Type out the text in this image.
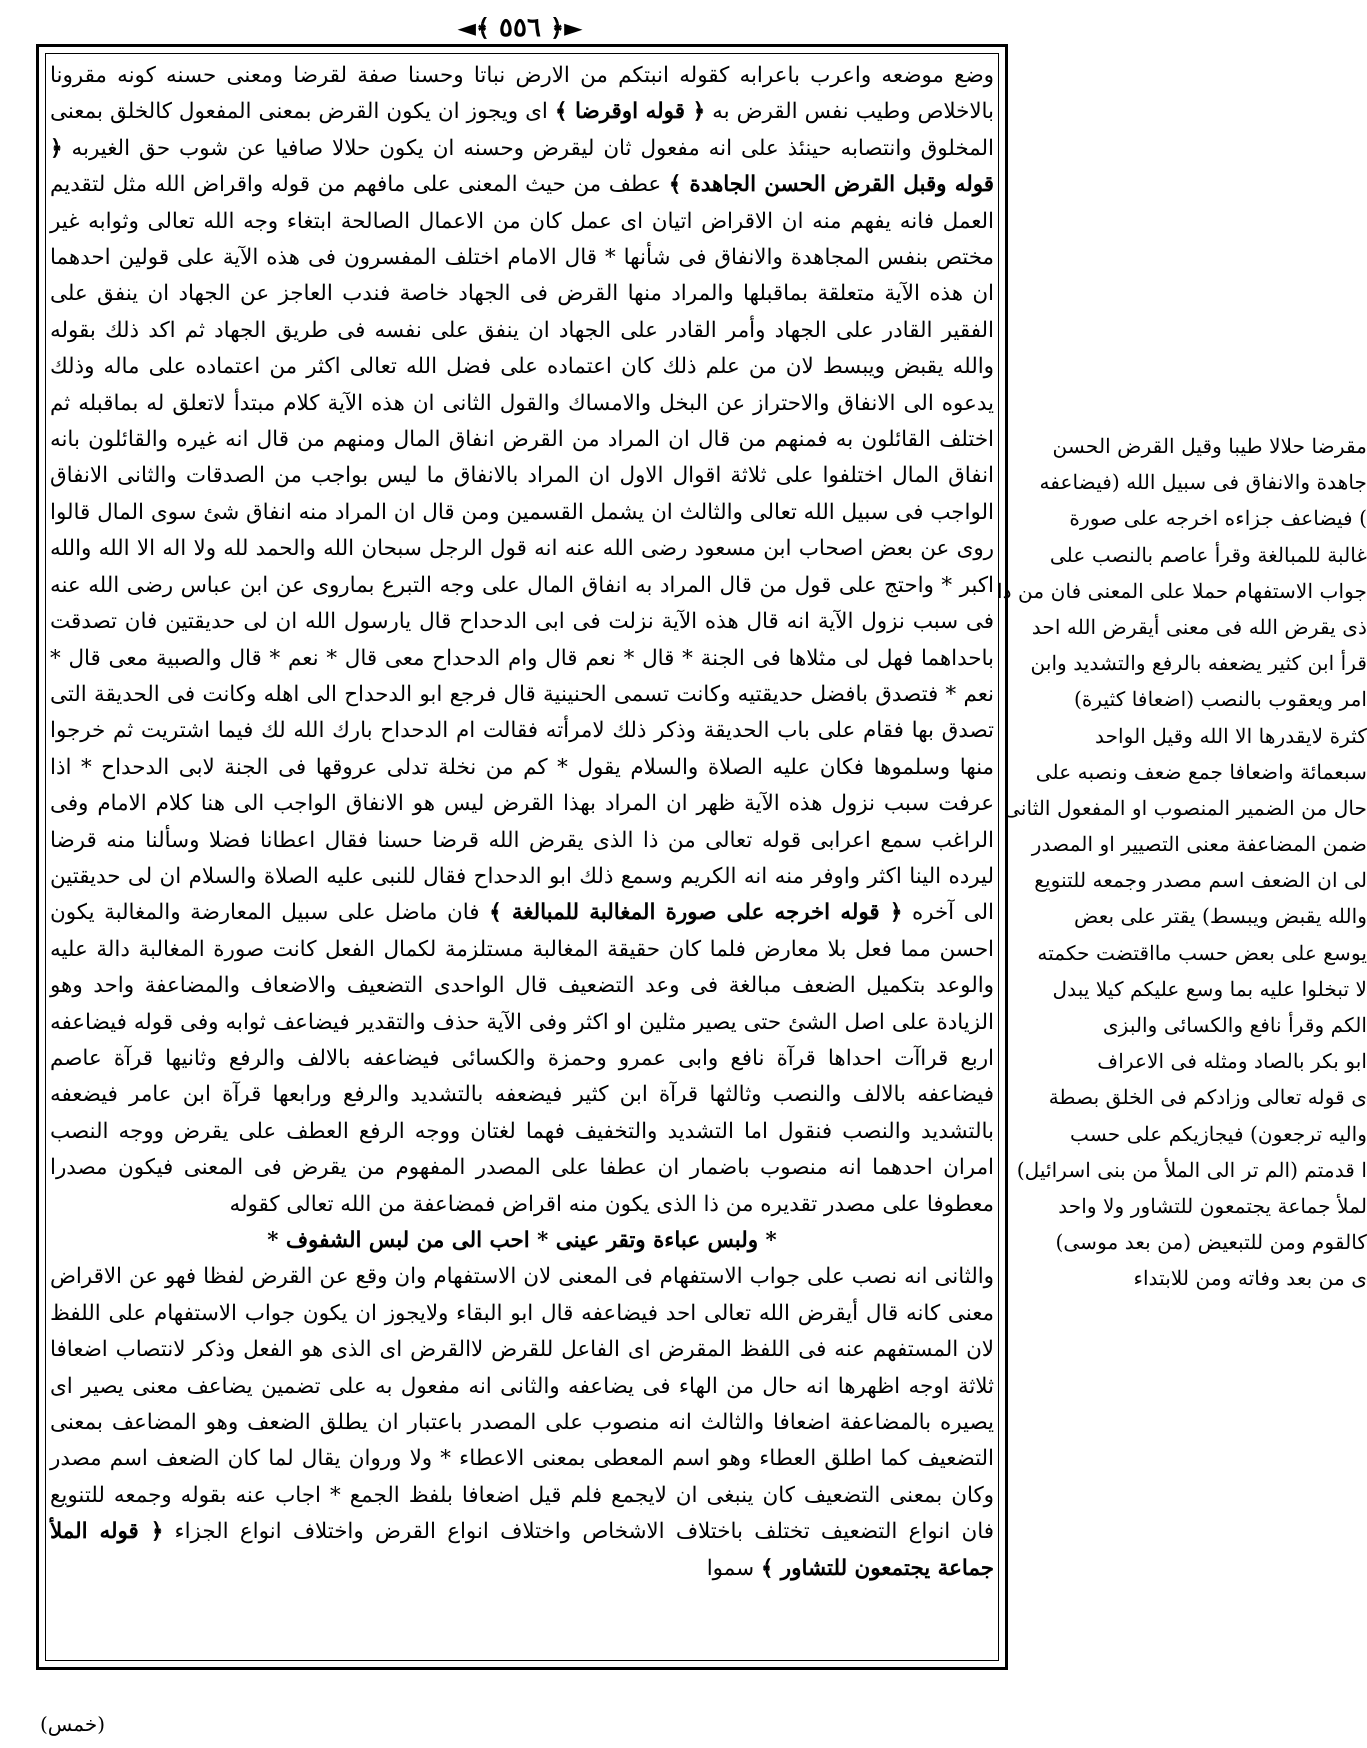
◄﴾ ٥٥٦ ﴿►

وضع موضعه واعرب باعرابه كقوله انبتكم من الارض نباتا وحسنا صفة لقرضا ومعنى حسنه كونه مقرونا بالاخلاص وطيب نفس القرض به ﴿ قوله اوقرضا ﴾ اى ويجوز ان يكون القرض بمعنى المفعول كالخلق بمعنى المخلوق وانتصابه حينئذ على انه مفعول ثان ليقرض وحسنه ان يكون حلالا صافيا عن شوب حق الغيربه ﴿ قوله وقبل القرض الحسن الجاهدة ﴾ عطف من حيث المعنى على مافهم من قوله واقراض الله مثل لتقديم العمل فانه يفهم منه ان الاقراض اتيان اى عمل كان من الاعمال الصالحة ابتغاء وجه الله تعالى وثوابه غير مختص بنفس المجاهدة والانفاق فى شأنها * قال الامام اختلف المفسرون فى هذه الآية على قولين احدهما ان هذه الآية متعلقة بماقبلها والمراد منها القرض فى الجهاد خاصة فندب العاجز عن الجهاد ان ينفق على الفقير القادر على الجهاد وأمر القادر على الجهاد ان ينفق على نفسه فى طريق الجهاد ثم اكد ذلك بقوله والله يقبض ويبسط لان من علم ذلك كان اعتماده على فضل الله تعالى اكثر من اعتماده على ماله وذلك يدعوه الى الانفاق والاحتراز عن البخل والامساك والقول الثانى ان هذه الآية كلام مبتدأ لاتعلق له بماقبله ثم اختلف القائلون به فمنهم من قال ان المراد من القرض انفاق المال ومنهم من قال انه غيره والقائلون بانه انفاق المال اختلفوا على ثلاثة اقوال الاول ان المراد بالانفاق ما ليس بواجب من الصدقات والثانى الانفاق الواجب فى سبيل الله تعالى والثالث ان يشمل القسمين ومن قال ان المراد منه انفاق شئ سوى المال قالوا روى عن بعض اصحاب ابن مسعود رضى الله عنه انه قول الرجل سبحان الله والحمد لله ولا اله الا الله والله اكبر * واحتج على قول من قال المراد به انفاق المال على وجه التبرع بماروى عن ابن عباس رضى الله عنه فى سبب نزول الآية انه قال هذه الآية نزلت فى ابى الدحداح قال يارسول الله ان لى حديقتين فان تصدقت باحداهما فهل لى مثلاها فى الجنة * قال * نعم قال وام الدحداح معى قال * نعم * قال والصبية معى قال * نعم * فتصدق بافضل حديقتيه وكانت تسمى الحنينية قال فرجع ابو الدحداح الى اهله وكانت فى الحديقة التى تصدق بها فقام على باب الحديقة وذكر ذلك لامرأته فقالت ام الدحداح بارك الله لك فيما اشتريت ثم خرجوا منها وسلموها فكان عليه الصلاة والسلام يقول * كم من نخلة تدلى عروقها فى الجنة لابى الدحداح * اذا عرفت سبب نزول هذه الآية ظهر ان المراد بهذا القرض ليس هو الانفاق الواجب الى هنا كلام الامام وفى الراغب سمع اعرابى قوله تعالى من ذا الذى يقرض الله قرضا حسنا فقال اعطانا فضلا وسألنا منه قرضا ليرده الينا اكثر واوفر منه انه الكريم وسمع ذلك ابو الدحداح فقال للنبى عليه الصلاة والسلام ان لى حديقتين الى آخره ﴿ قوله اخرجه على صورة المغالبة للمبالغة ﴾ فان ماضل على سبيل المعارضة والمغالبة يكون احسن مما فعل بلا معارض فلما كان حقيقة المغالبة مستلزمة لكمال الفعل كانت صورة المغالبة دالة عليه والوعد بتكميل الضعف مبالغة فى وعد التضعيف قال الواحدى التضعيف والاضعاف والمضاعفة واحد وهو الزيادة على اصل الشئ حتى يصير مثلين او اكثر وفى الآية حذف والتقدير فيضاعف ثوابه وفى قوله فيضاعفه اربع قراآت احداها قرآة نافع وابى عمرو وحمزة والكسائى فيضاعفه بالالف والرفع وثانيها قرآة عاصم فيضاعفه بالالف والنصب وثالثها قرآة ابن كثير فيضعفه بالتشديد والرفع ورابعها قرآة ابن عامر فيضعفه بالتشديد والنصب فنقول اما التشديد والتخفيف فهما لغتان ووجه الرفع العطف على يقرض ووجه النصب امران احدهما انه منصوب باضمار ان عطفا على المصدر المفهوم من يقرض فى المعنى فيكون مصدرا معطوفا على مصدر تقديره من ذا الذى يكون منه اقراض فمضاعفة من الله تعالى كقوله

* ولبس عباءة وتقر عينى * احب الى من لبس الشفوف *

والثانى انه نصب على جواب الاستفهام فى المعنى لان الاستفهام وان وقع عن القرض لفظا فهو عن الاقراض معنى كانه قال أيقرض الله تعالى احد فيضاعفه قال ابو البقاء ولايجوز ان يكون جواب الاستفهام على اللفظ لان المستفهم عنه فى اللفظ المقرض اى الفاعل للقرض لاالقرض اى الذى هو الفعل وذكر لانتصاب اضعافا ثلاثة اوجه اظهرها انه حال من الهاء فى يضاعفه والثانى انه مفعول به على تضمين يضاعف معنى يصير اى يصيره بالمضاعفة اضعافا والثالث انه منصوب على المصدر باعتبار ان يطلق الضعف وهو المضاعف بمعنى التضعيف كما اطلق العطاء وهو اسم المعطى بمعنى الاعطاء * ولا وروان يقال لما كان الضعف اسم مصدر وكان بمعنى التضعيف كان ينبغى ان لايجمع فلم قيل اضعافا بلفظ الجمع * اجاب عنه بقوله وجمعه للتنويع فان انواع التضعيف تختلف باختلاف الاشخاص واختلاف انواع القرض واختلاف انواع الجزاء ﴿ قوله الملأ جماعة يجتمعون للتشاور ﴾ سموا

مقرضا حلالا طيبا وقيل القرض الحسن
جاهدة والانفاق فى سبيل الله (فيضاعفه
) فيضاعف جزاءه اخرجه على صورة
غالبة للمبالغة وقرأ عاصم بالنصب على
جواب الاستفهام حملا على المعنى فان من ذا
ذى يقرض الله فى معنى أيقرض الله احد
قرأ ابن كثير يضعفه بالرفع والتشديد وابن
امر ويعقوب بالنصب (اضعافا كثيرة)
كثرة لايقدرها الا الله وقيل الواحد
سبعمائة واضعافا جمع ضعف ونصبه على
حال من الضمير المنصوب او المفعول الثانى
ضمن المضاعفة معنى التصيير او المصدر
لى ان الضعف اسم مصدر وجمعه للتنويع
والله يقبض ويبسط) يقتر على بعض
يوسع على بعض حسب مااقتضت حكمته
لا تبخلوا عليه بما وسع عليكم كيلا يبدل
الكم وقرأ نافع والكسائى والبزى
ابو بكر بالصاد ومثله فى الاعراف
ى قوله تعالى وزادكم فى الخلق بصطة
واليه ترجعون) فيجازيكم على حسب
ا قدمتم (الم تر الى الملأ من بنى اسرائيل)
لملأ جماعة يجتمعون للتشاور ولا واحد
كالقوم ومن للتبعيض (من بعد موسى)
ى من بعد وفاته ومن للابتداء
(خمس)
